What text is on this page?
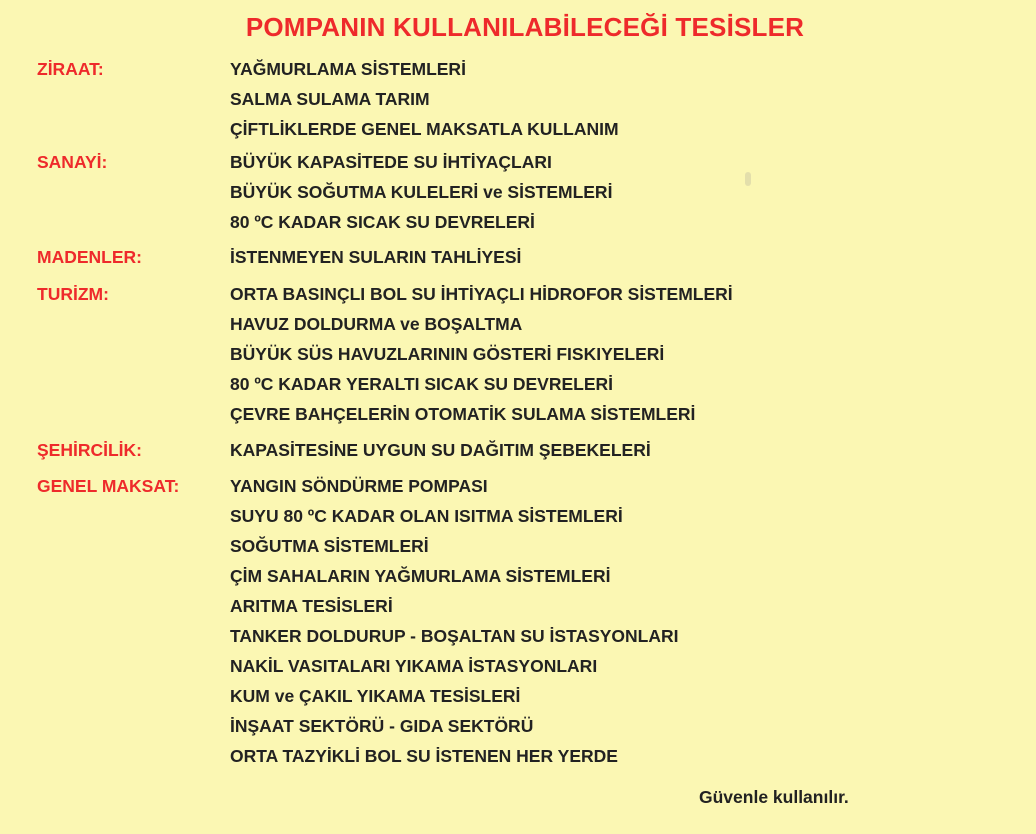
POMPANIN KULLANILABİLECEĞİ TESİSLER
ZİRAAT:	YAĞMURLAMA SİSTEMLERİ
SALMA SULAMA TARIM
ÇİFTLİKLERDE GENEL MAKSATLA KULLANIM
SANAYİ:	BÜYÜK KAPASİTEDE SU İHTİYAÇLARI
BÜYÜK SOĞUTMA KULELERİ ve SİSTEMLERİ
80 ºC KADAR SICAK SU DEVRELERİ
MADENLER:	İSTENMEYEN SULARIN TAHLİYESİ
TURİZM:	ORTA BASINÇLI BOL SU İHTİYAÇLI HİDROFOR SİSTEMLERİ
HAVUZ DOLDURMA ve BOŞALTMA
BÜYÜK SÜS HAVUZLARININ GÖSTERİ FISKIYELERİ
80 ºC KADAR YERALTI SICAK SU DEVRELERİ
ÇEVRE BAHÇELERİN OTOMATİK SULAMA SİSTEMLERİ
ŞEHİRCİLİK:	KAPASİTESİNE UYGUN SU DAĞITIM ŞEBEKELERİ
GENEL MAKSAT:	YANGIN SÖNDÜRME POMPASI
SUYU 80 ºC KADAR OLAN ISITMA SİSTEMLERİ
SOĞUTMA SİSTEMLERİ
ÇİM SAHALARIN YAĞMURLAMA SİSTEMLERİ
ARITMA TESİSLERİ
TANKER DOLDURUP - BOŞALTAN SU İSTASYONLARI
NAKİL VASITALARI YIKAMA İSTASYONLARI
KUM ve ÇAKIL YIKAMA TESİSLERİ
İNŞAAT SEKTÖRÜ - GIDA SEKTÖRÜ
ORTA TAZYİKLİ BOL SU İSTENEN HER YERDE
Güvenle kullanılır.
